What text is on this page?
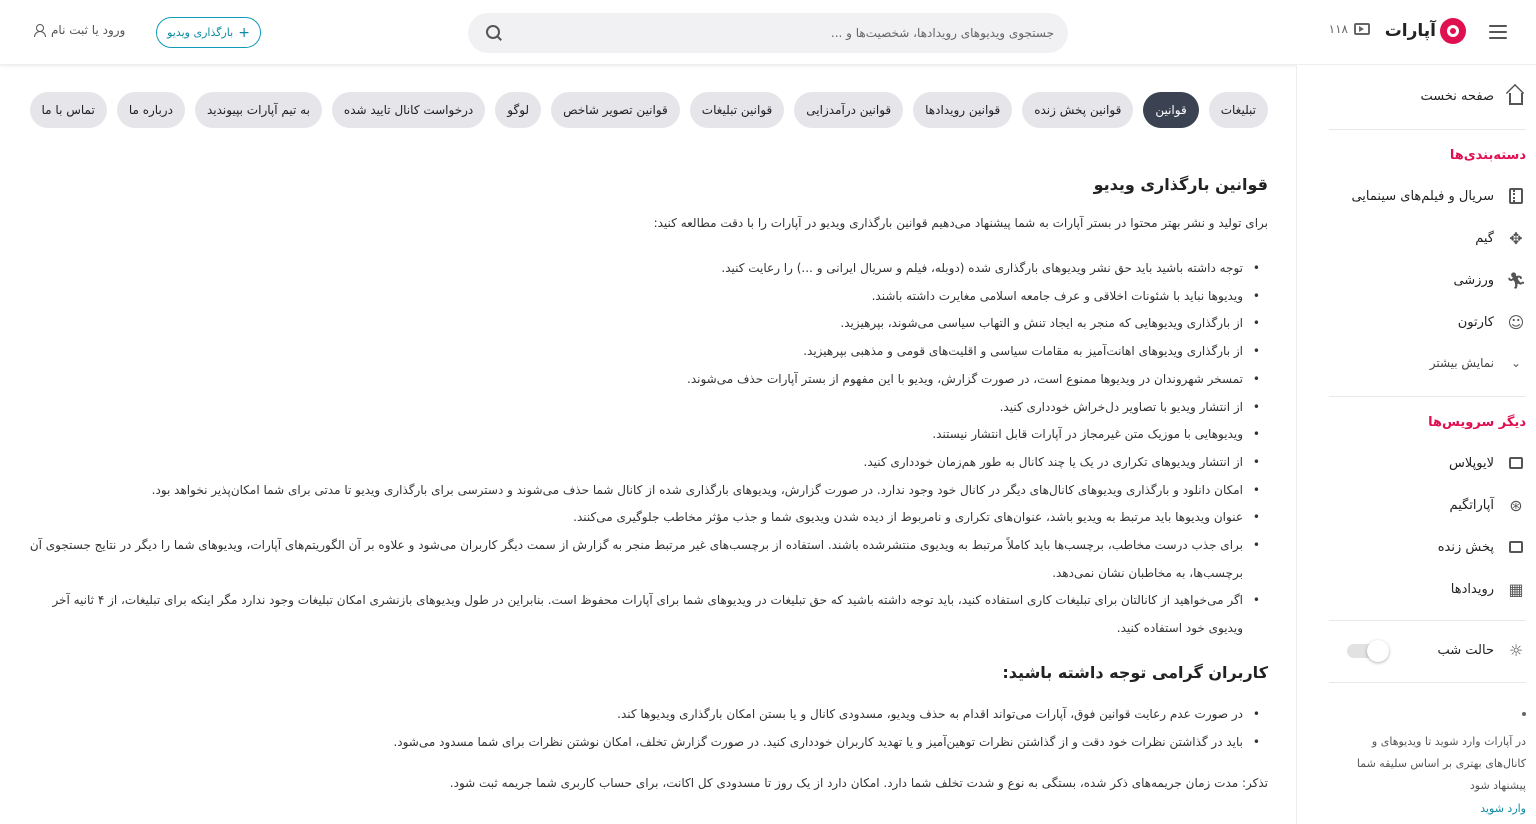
آپارات
۱۱۸
جستجوی ویدیوهای رویدادها، شخصیت‌ها و ...
+
بارگذاری ویدیو
ورود یا ثبت نام
صفحه نخست
دسته‌بندی‌ها
سریال و فیلم‌های سینمایی
✥
گیم
🏃︎
ورزشی
☺
کارتون
⌄
نمایش بیشتر
دیگر سرویس‌ها
لایوپلاس
⊛
آپاراتگیم
پخش زنده
▦
رویدادها
☼
حالت شب
در آپارات وارد شوید تا ویدیوهای و کانال‌های بهتری بر اساس سلیقه شما پیشنهاد شود
وارد شوید
تبلیغات
قوانین
قوانین پخش زنده
قوانین رویدادها
قوانین درآمدزایی
قوانین تبلیغات
قوانین تصویر شاخص
لوگو
درخواست کانال تایید شده
به تیم آپارات بپیوندید
درباره ما
تماس با ما
قوانین بارگذاری ویدیو
برای تولید و نشر بهتر محتوا در بستر آپارات به شما پیشنهاد می‌دهیم قوانین بارگذاری ویدیو در آپارات را با دقت مطالعه کنید:
• توجه داشته باشید باید حق نشر ویدیوهای بارگذاری شده (دوبله، فیلم و سریال ایرانی و ...) را رعایت کنید.
• ویدیوها نباید با شئونات اخلاقی و عرف جامعه اسلامی مغایرت داشته باشند.
• از بارگذاری ویدیوهایی که منجر به ایجاد تنش و التهاب سیاسی می‌شوند، بپرهیزید.
• از بارگذاری ویدیوهای اهانت‌آمیز به مقامات سیاسی و اقلیت‌های قومی و مذهبی بپرهیزید.
• تمسخر شهروندان در ویدیوها ممنوع است، در صورت گزارش، ویدیو با این مفهوم از بستر آپارات حذف می‌شوند.
• از انتشار ویدیو با تصاویر دل‌خراش خودداری کنید.
• ویدیوهایی با موزیک متن غیرمجاز در آپارات قابل انتشار نیستند.
• از انتشار ویدیوهای تکراری در یک یا چند کانال به طور هم‌زمان خودداری کنید.
• امکان دانلود و بارگذاری ویدیوهای کانال‌های دیگر در کانال خود وجود ندارد. در صورت گزارش، ویدیوهای بارگذاری شده از کانال شما حذف می‌شوند و دسترسی برای بارگذاری ویدیو تا مدتی برای شما امکان‌پذیر نخواهد بود.
• عنوان ویدیوها باید مرتبط به ویدیو باشد، عنوان‌های تکراری و نامربوط از دیده شدن ویدیوی شما و جذب مؤثر مخاطب جلوگیری می‌کنند.
• برای جذب درست مخاطب، برچسب‌ها باید کاملاً مرتبط به ویدیوی منتشرشده باشند. استفاده از برچسب‌های غیر مرتبط منجر به گزارش از سمت دیگر کاربران می‌شود و علاوه بر آن الگوریتم‌های آپارات، ویدیوهای شما را دیگر در نتایج جستجوی آن برچسب‌ها، به مخاطبان نشان نمی‌دهد.
• اگر می‌خواهید از کانالتان برای تبلیغات کاری استفاده کنید، باید توجه داشته باشید که حق تبلیغات در ویدیوهای شما برای آپارات محفوظ است. بنابراین در طول ویدیوهای بازنشری امکان تبلیغات وجود ندارد مگر اینکه برای تبلیغات، از ۴ ثانیه آخر ویدیوی خود استفاده کنید.
کاربران گرامی توجه داشته باشید:
• در صورت عدم رعایت قوانین فوق، آپارات می‌تواند اقدام به حذف ویدیو، مسدودی کانال و یا بستن امکان بارگذاری ویدیوها کند.
• باید در گذاشتن نظرات خود دقت و از گذاشتن نظرات توهین‌آمیز و یا تهدید کاربران خودداری کنید. در صورت گزارش تخلف، امکان نوشتن نظرات برای شما مسدود می‌شود.
تذکر: مدت زمان جریمه‌های ذکر شده، بستگی به نوع و شدت تخلف شما دارد. امکان دارد از یک روز تا مسدودی کل اکانت، برای حساب کاربری شما جریمه ثبت شود.
